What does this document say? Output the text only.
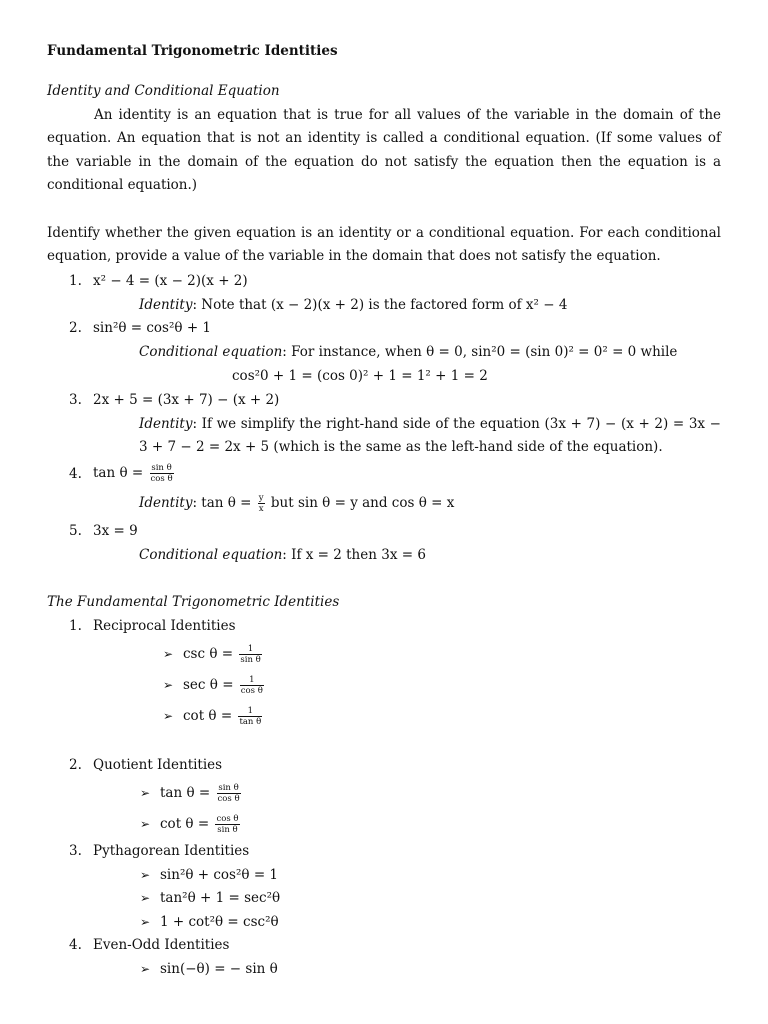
Fundamental Trigonometric Identities
Identity and Conditional Equation
An identity is an equation that is true for all values of the variable in the domain of the equation. An equation that is not an identity is called a conditional equation. (If some values of the variable in the domain of the equation do not satisfy the equation then the equation is a conditional equation.)
Identify whether the given equation is an identity or a conditional equation. For each conditional equation, provide a value of the variable in the domain that does not satisfy the equation.
1. x² − 4 = (x − 2)(x + 2)
Identity: Note that (x − 2)(x + 2) is the factored form of x² − 4
2. sin²θ = cos²θ + 1
Conditional equation: For instance, when θ = 0, sin²0 = (sin 0)² = 0² = 0 while
cos²0 + 1 = (cos 0)² + 1 = 1² + 1 = 2
3. 2x + 5 = (3x + 7) − (x + 2)
Identity: If we simplify the right-hand side of the equation (3x + 7) − (x + 2) = 3x −
3 + 7 − 2 = 2x + 5 (which is the same as the left-hand side of the equation).
4. $\tan \theta = \frac{\text{sin θ}}{\text{cos θ}}$
Identity: $\tan \theta = \frac{y}{x}$ but sin θ = y and cos θ = x
5. 3x = 9
Conditional equation: If x = 2 then 3x = 6
The Fundamental Trigonometric Identities
1. Reciprocal Identities
➢ $\csc \theta = \frac{1}{\text{sin θ}}$
➢ $\sec \theta = \frac{1}{\text{cos θ}}$
➢ $\cot \theta = \frac{1}{\text{tan θ}}$
2. Quotient Identities
➢ $\tan \theta = \frac{\text{sin θ}}{\text{cos θ}}$
➢ $\cot \theta = \frac{\text{cos θ}}{\text{sin θ}}$
3. Pythagorean Identities
➢ sin²θ + cos²θ = 1
➢ tan²θ + 1 = sec²θ
➢ 1 + cot²θ = csc²θ
4. Even-Odd Identities
➢ sin(−θ) = − sin θ
